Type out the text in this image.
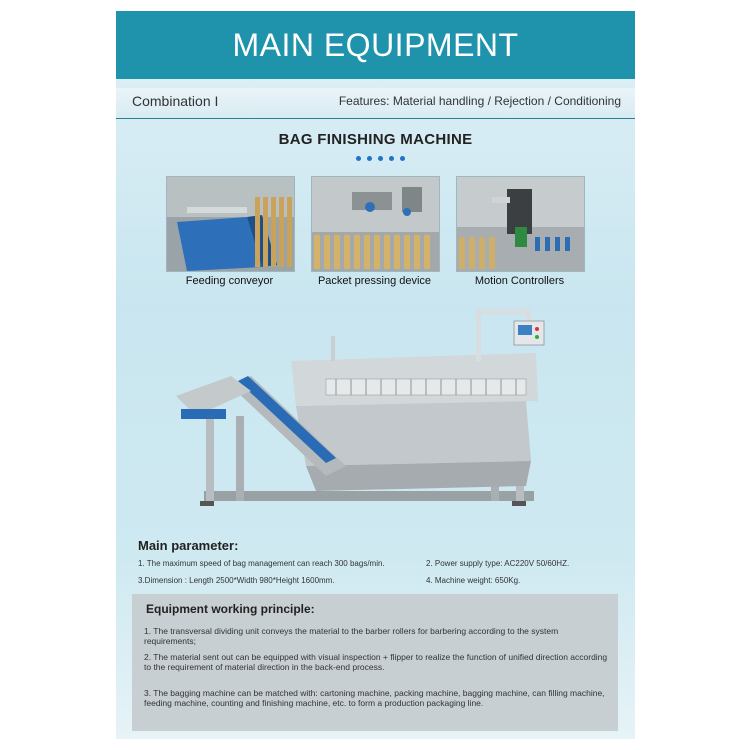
MAIN EQUIPMENT
Combination I	Features: Material handling / Rejection / Conditioning
BAG FINISHING MACHINE
Feeding conveyor	Packet pressing device	Motion Controllers
Main parameter:
1. The maximum speed of bag management can reach 300 bags/min.	2. Power supply type: AC220V 50/60HZ.
3.Dimension : Length 2500*Width 980*Height 1600mm.	4. Machine weight: 650Kg.
Equipment working principle:
1. The transversal dividing unit conveys the material to the barber rollers for barbering according to the system requirements;
2. The material sent out can be equipped with visual inspection + flipper to realize the function of unified direction according to the requirement of material direction in the back-end process.
3. The bagging machine can be matched with: cartoning machine, packing machine, bagging machine, can filling machine, feeding machine, counting and finishing machine, etc. to form a production packaging line.
